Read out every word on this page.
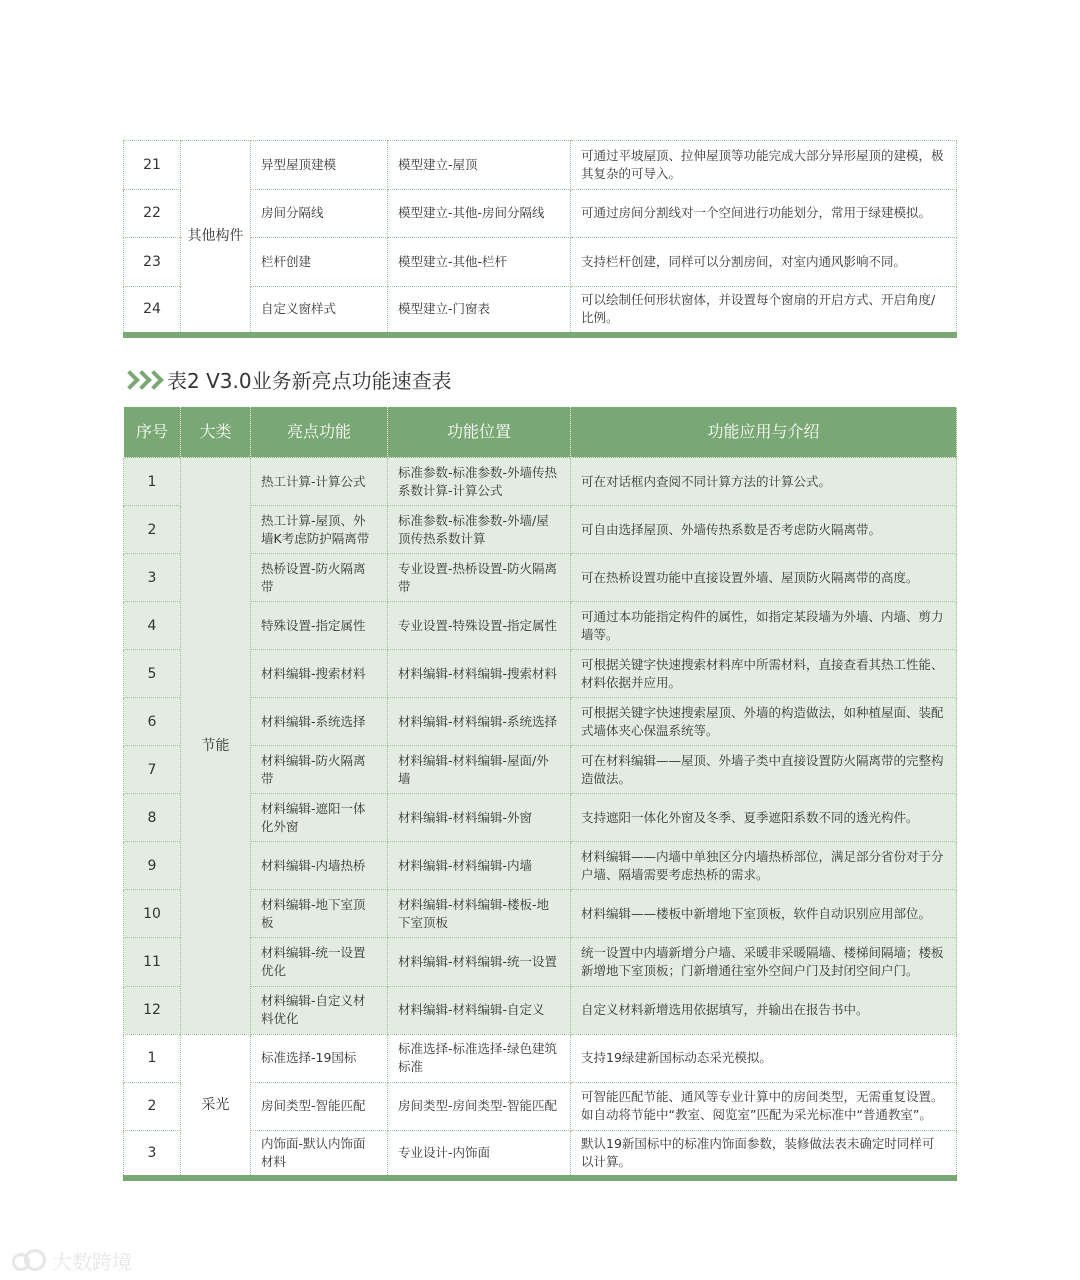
21	其他构件	异型屋顶建模	模型建立-屋顶	可通过平坡屋顶、拉伸屋顶等功能完成大部分异形屋顶的建模，极其复杂的可导入。
22		房间分隔线	模型建立-其他-房间分隔线	可通过房间分割线对一个空间进行功能划分，常用于绿建模拟。
23		栏杆创建	模型建立-其他-栏杆	支持栏杆创建，同样可以分割房间，对室内通风影响不同。
24		自定义窗样式	模型建立-门窗表	可以绘制任何形状窗体，并设置每个窗扇的开启方式、开启角度/比例。
表2 V3.0业务新亮点功能速查表
序号	大类	亮点功能	功能位置	功能应用与介绍
1	节能	热工计算-计算公式	标准参数-标准参数-外墙传热系数计算-计算公式	可在对话框内查阅不同计算方法的计算公式。
2		热工计算-屋顶、外墙K考虑防护隔离带	标准参数-标准参数-外墙/屋顶传热系数计算	可自由选择屋顶、外墙传热系数是否考虑防火隔离带。
3		热桥设置-防火隔离带	专业设置-热桥设置-防火隔离带	可在热桥设置功能中直接设置外墙、屋顶防火隔离带的高度。
4		特殊设置-指定属性	专业设置-特殊设置-指定属性	可通过本功能指定构件的属性，如指定某段墙为外墙、内墙、剪力墙等。
5		材料编辑-搜索材料	材料编辑-材料编辑-搜索材料	可根据关键字快速搜索材料库中所需材料，直接查看其热工性能、材料依据并应用。
6		材料编辑-系统选择	材料编辑-材料编辑-系统选择	可根据关键字快速搜索屋顶、外墙的构造做法，如种植屋面、装配式墙体夹心保温系统等。
7		材料编辑-防火隔离带	材料编辑-材料编辑-屋面/外墙	可在材料编辑——屋顶、外墙子类中直接设置防火隔离带的完整构造做法。
8		材料编辑-遮阳一体化外窗	材料编辑-材料编辑-外窗	支持遮阳一体化外窗及冬季、夏季遮阳系数不同的透光构件。
9		材料编辑-内墙热桥	材料编辑-材料编辑-内墙	材料编辑——内墙中单独区分内墙热桥部位，满足部分省份对于分户墙、隔墙需要考虑热桥的需求。
10		材料编辑-地下室顶板	材料编辑-材料编辑-楼板-地下室顶板	材料编辑——楼板中新增地下室顶板，软件自动识别应用部位。
11		材料编辑-统一设置优化	材料编辑-材料编辑-统一设置	统一设置中内墙新增分户墙、采暖非采暖隔墙、楼梯间隔墙；楼板新增地下室顶板；门新增通往室外空间户门及封闭空间户门。
12		材料编辑-自定义材料优化	材料编辑-材料编辑-自定义	自定义材料新增选用依据填写，并输出在报告书中。
1	采光	标准选择-19国标	标准选择-标准选择-绿色建筑标准	支持19绿建新国标动态采光模拟。
2		房间类型-智能匹配	房间类型-房间类型-智能匹配	可智能匹配节能、通风等专业计算中的房间类型，无需重复设置。如自动将节能中“教室、阅览室”匹配为采光标准中“普通教室”。
3		内饰面-默认内饰面材料	专业设计-内饰面	默认19新国标中的标准内饰面参数，装修做法表未确定时同样可以计算。
大数跨境
